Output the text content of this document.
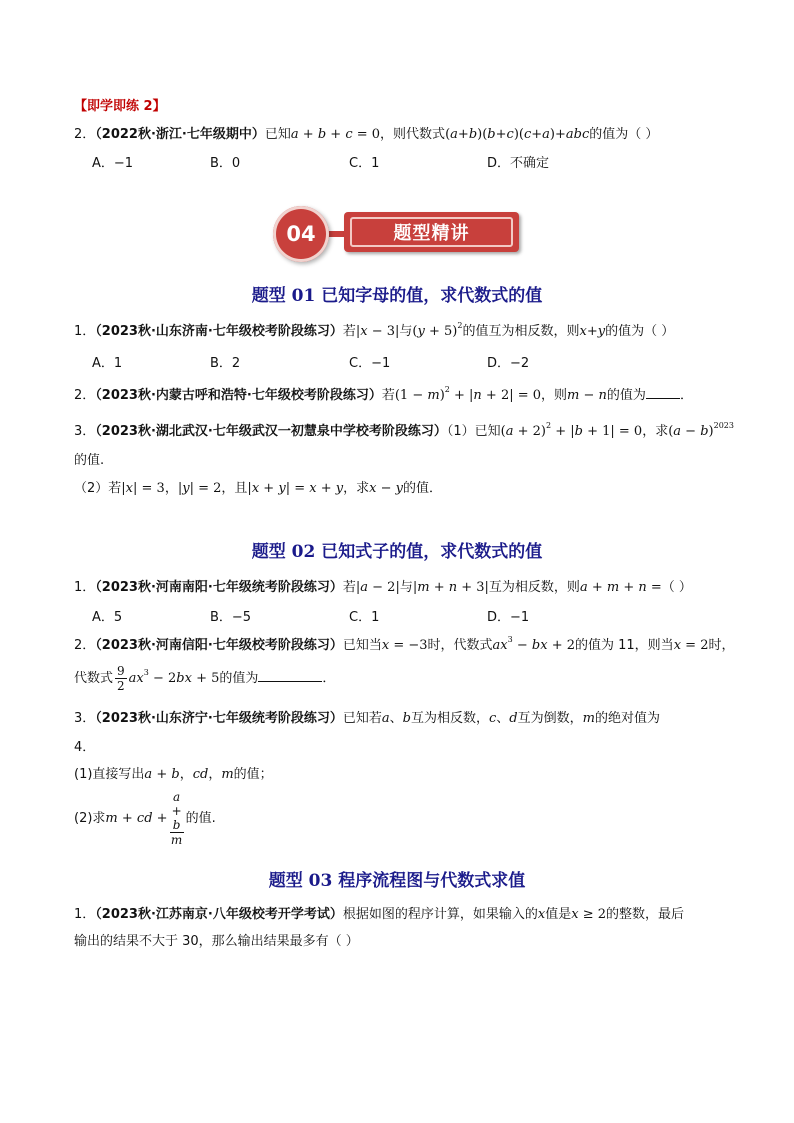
【即学即练 2】
2．（2022秋·浙江·七年级期中）已知a + b + c = 0，则代数式(a+b)(b+c)(c+a)+abc的值为（ ）
A．−1	B．0	C．1	D．不确定
题型精讲
04
题型 01 已知字母的值，求代数式的值
1．（2023秋·山东济南·七年级校考阶段练习）若|x − 3|与$(y + 5)^2$的值互为相反数，则x+y的值为（ ）
A．1	B．2	C．−1	D．−2
2．（2023秋·内蒙古呼和浩特·七年级校考阶段练习）若$(1 - m)^2 + |n + 2| = 0$，则m − n的值为	．
3．（2023秋·湖北武汉·七年级武汉一初慧泉中学校考阶段练习）（1）已知$(a + 2)^2 + |b + 1| = 0$，求$(a - b)^{2023}$
的值.
（2）若|x| = 3，|y| = 2，且|x + y| = x + y，求x − y的值．
题型 02 已知式子的值，求代数式的值
1．（2023秋·河南南阳·七年级统考阶段练习）若|a − 2|与|m + n + 3|互为相反数，则a + m + n =（ ）
A．5	B．−5	C．1	D．−1
2．（2023秋·河南信阳·七年级校考阶段练习）已知当x = −3时，代数式$ax^3$ − bx + 2的值为 11，则当x = 2时，
代数式 $\frac{9}{2} ax^3 - 2bx + 5$的值为	．
3．（2023秋·山东济宁·七年级统考阶段练习）已知若a、b互为相反数，c、d互为倒数，m的绝对值为
4．
(1)直接写出a + b，cd，m的值；
(2)求m + cd + a
+
b
m 的值.
题型 03 程序流程图与代数式求值
1．（2023秋·江苏南京·八年级校考开学考试）根据如图的程序计算，如果输入的x值是x ≥ 2的整数，最后
输出的结果不大于 30，那么输出结果最多有（ ）
